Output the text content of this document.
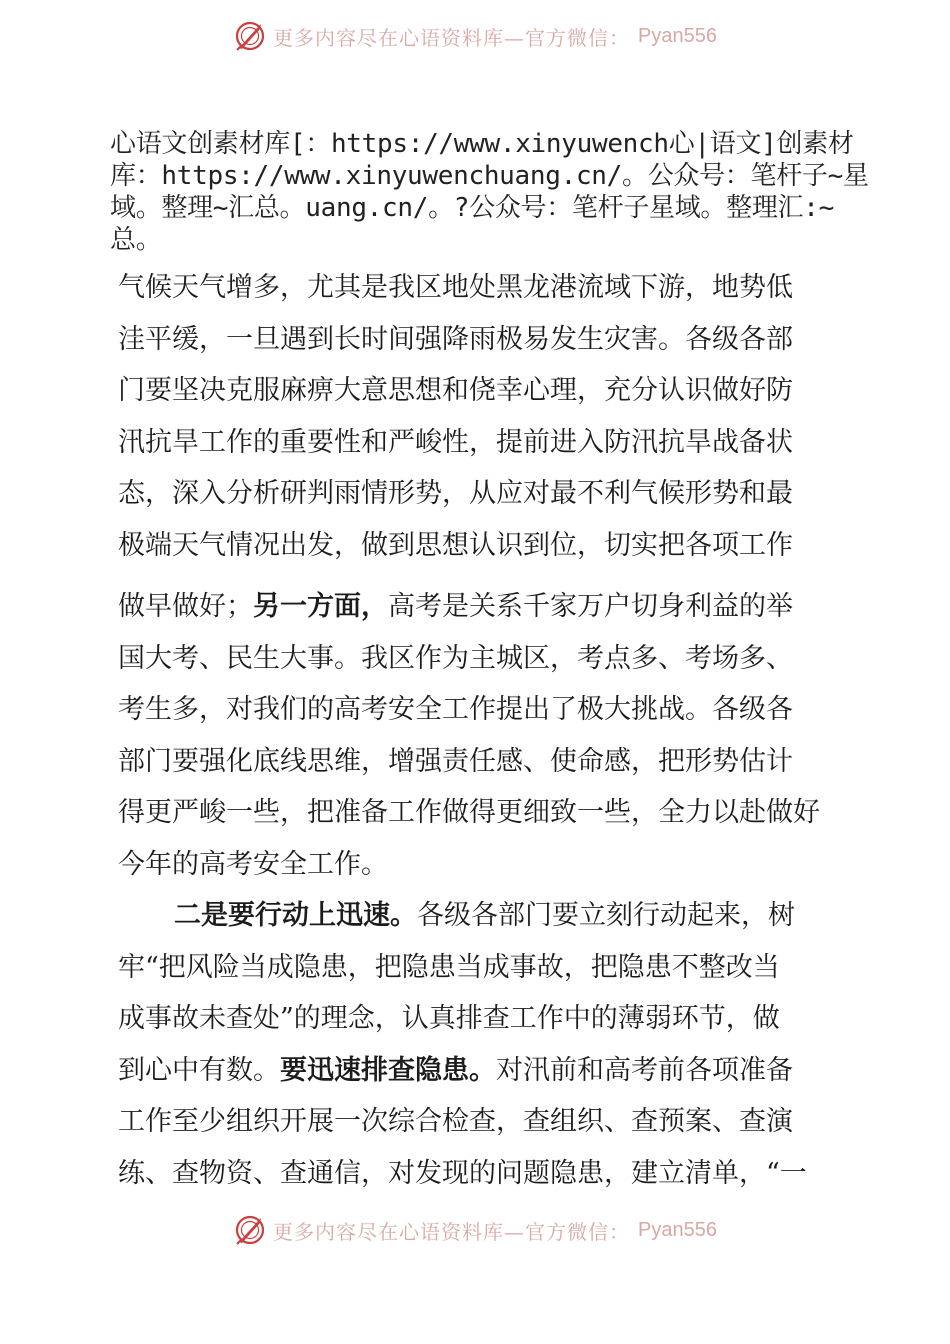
更多内容尽在心语资料库—官方微信： Pyan556
心语文创素材库[：https://www.xinyuwench心|语文]创素材库：https://www.xinyuwenchuang.cn/。公众号：笔杆子~星域。整理~汇总。uang.cn/。?公众号：笔杆子星域。整理汇:~总。
气候天气增多，尤其是我区地处黑龙港流域下游，地势低
洼平缓，一旦遇到长时间强降雨极易发生灾害。各级各部
门要坚决克服麻痹大意思想和侥幸心理，充分认识做好防
汛抗旱工作的重要性和严峻性，提前进入防汛抗旱战备状
态，深入分析研判雨情形势，从应对最不利气候形势和最
极端天气情况出发，做到思想认识到位，切实把各项工作
做早做好；另一方面，高考是关系千家万户切身利益的举
国大考、民生大事。我区作为主城区，考点多、考场多、
考生多，对我们的高考安全工作提出了极大挑战。各级各
部门要强化底线思维，增强责任感、使命感，把形势估计
得更严峻一些，把准备工作做得更细致一些，全力以赴做好
今年的高考安全工作。
二是要行动上迅速。各级各部门要立刻行动起来，树
牢“把风险当成隐患，把隐患当成事故，把隐患不整改当
成事故未查处”的理念，认真排查工作中的薄弱环节，做
到心中有数。要迅速排查隐患。对汛前和高考前各项准备
工作至少组织开展一次综合检查，查组织、查预案、查演
练、查物资、查通信，对发现的问题隐患，建立清单，“一
更多内容尽在心语资料库—官方微信： Pyan556
